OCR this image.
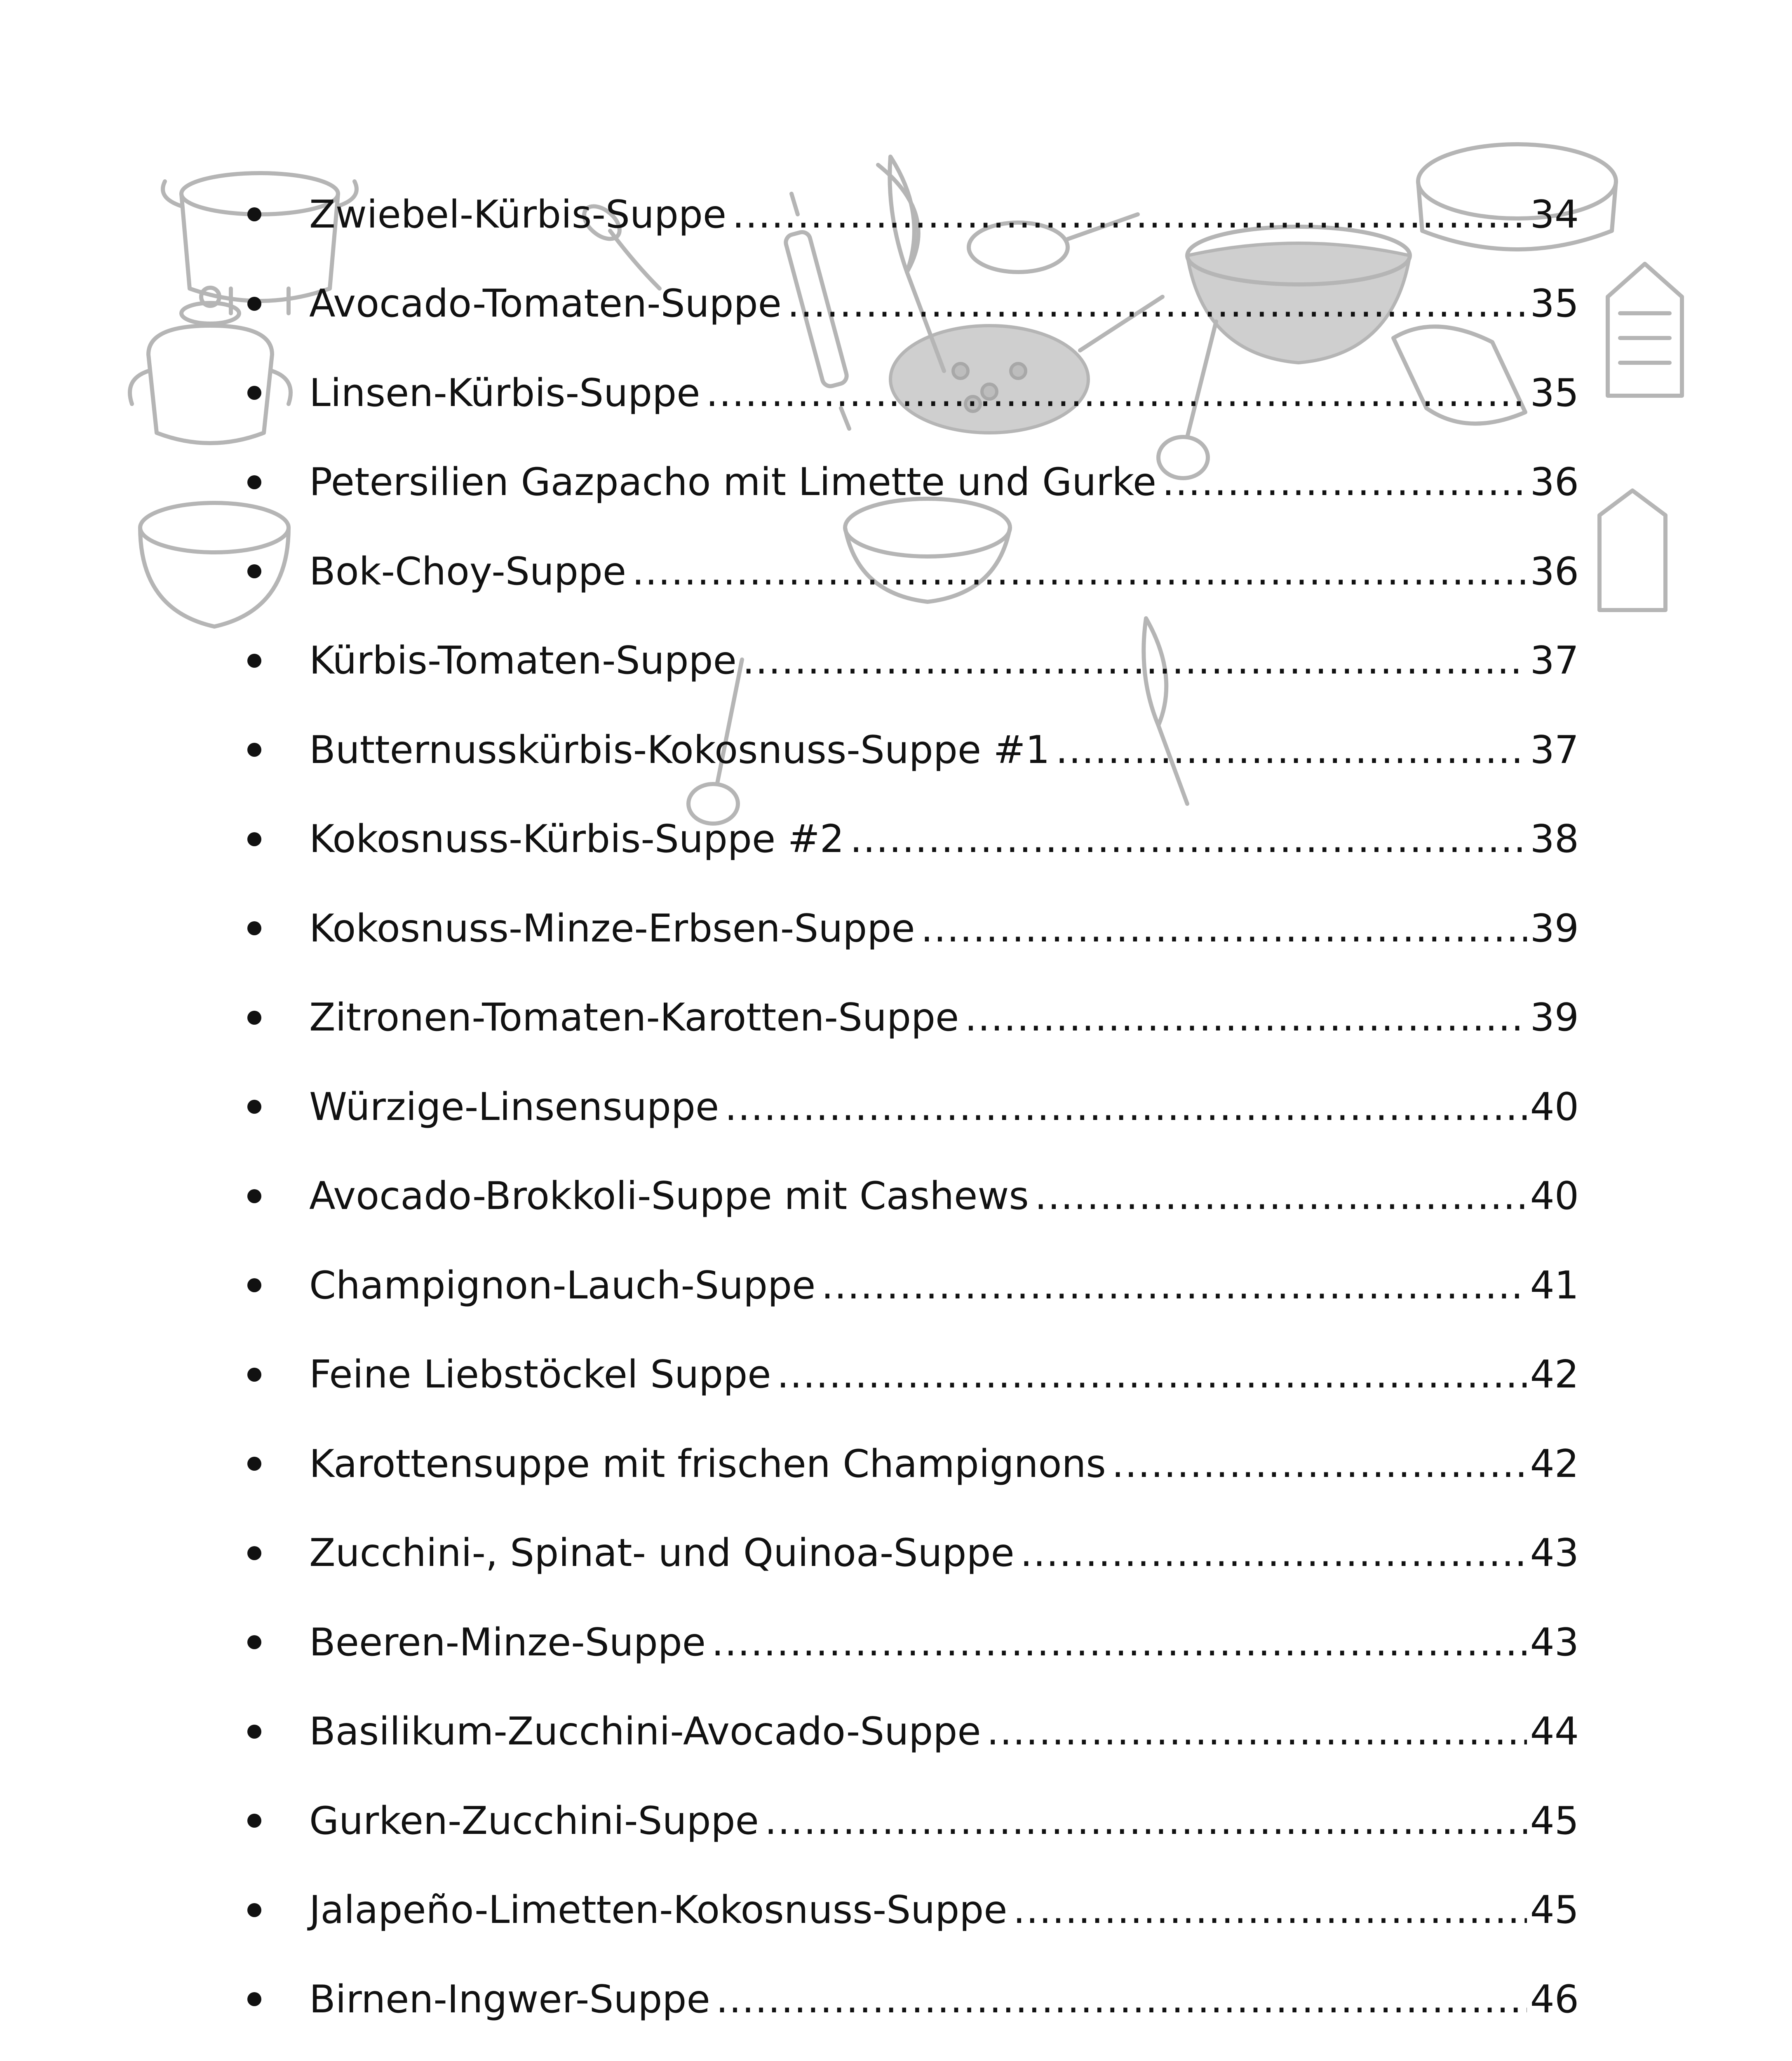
Zwiebel-Kürbis-Suppe .....	34
Avocado-Tomaten-Suppe .....	35
Linsen-Kürbis-Suppe .....	35
Petersilien Gazpacho mit Limette und Gurke .....	36
Bok-Choy-Suppe .....	36
Kürbis-Tomaten-Suppe .....	37
Butternusskürbis-Kokosnuss-Suppe #1 .....	37
Kokosnuss-Kürbis-Suppe #2 .....	38
Kokosnuss-Minze-Erbsen-Suppe .....	39
Zitronen-Tomaten-Karotten-Suppe .....	39
Würzige-Linsensuppe .....	40
Avocado-Brokkoli-Suppe mit Cashews .....	40
Champignon-Lauch-Suppe .....	41
Feine Liebstöckel Suppe .....	42
Karottensuppe mit frischen Champignons .....	42
Zucchini-, Spinat- und Quinoa-Suppe .....	43
Beeren-Minze-Suppe .....	43
Basilikum-Zucchini-Avocado-Suppe .....	44
Gurken-Zucchini-Suppe .....	45
Jalapeño-Limetten-Kokosnuss-Suppe .....	45
Birnen-Ingwer-Suppe .....	46
